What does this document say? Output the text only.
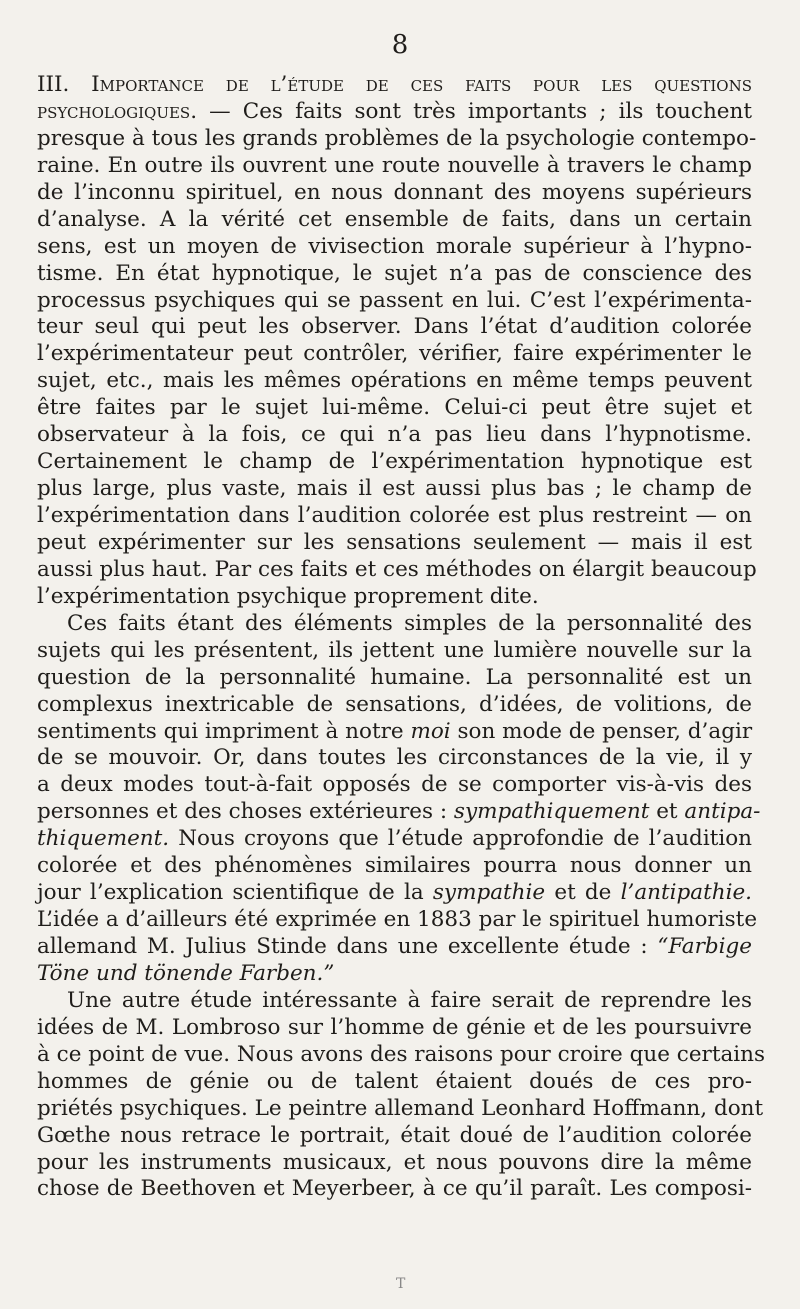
8
III. Importance de l’étude de ces faits pour les questions
psychologiques. — Ces faits sont très importants ; ils touchent
presque à tous les grands problèmes de la psychologie contempo-
raine. En outre ils ouvrent une route nouvelle à travers le champ
de l’inconnu spirituel, en nous donnant des moyens supérieurs
d’analyse. A la vérité cet ensemble de faits, dans un certain
sens, est un moyen de vivisection morale supérieur à l’hypno-
tisme. En état hypnotique, le sujet n’a pas de conscience des
processus psychiques qui se passent en lui. C’est l’expérimenta-
teur seul qui peut les observer. Dans l’état d’audition colorée
l’expérimentateur peut contrôler, vérifier, faire expérimenter le
sujet, etc., mais les mêmes opérations en même temps peuvent
être faites par le sujet lui-même. Celui-ci peut être sujet et
observateur à la fois, ce qui n’a pas lieu dans l’hypnotisme.
Certainement le champ de l’expérimentation hypnotique est
plus large, plus vaste, mais il est aussi plus bas ; le champ de
l’expérimentation dans l’audition colorée est plus restreint — on
peut expérimenter sur les sensations seulement — mais il est
aussi plus haut. Par ces faits et ces méthodes on élargit beaucoup
l’expérimentation psychique proprement dite.
Ces faits étant des éléments simples de la personnalité des
sujets qui les présentent, ils jettent une lumière nouvelle sur la
question de la personnalité humaine. La personnalité est un
complexus inextricable de sensations, d’idées, de volitions, de
sentiments qui impriment à notre moi son mode de penser, d’agir
de se mouvoir. Or, dans toutes les circonstances de la vie, il y
a deux modes tout-à-fait opposés de se comporter vis-à-vis des
personnes et des choses extérieures : sympathiquement et antipa-
thiquement. Nous croyons que l’étude approfondie de l’audition
colorée et des phénomènes similaires pourra nous donner un
jour l’explication scientifique de la sympathie et de l’antipathie.
L’idée a d’ailleurs été exprimée en 1883 par le spirituel humoriste
allemand M. Julius Stinde dans une excellente étude : “Farbige
Töne und tönende Farben.”
Une autre étude intéressante à faire serait de reprendre les
idées de M. Lombroso sur l’homme de génie et de les poursuivre
à ce point de vue. Nous avons des raisons pour croire que certains
hommes de génie ou de talent étaient doués de ces pro-
priétés psychiques. Le peintre allemand Leonhard Hoffmann, dont
Gœthe nous retrace le portrait, était doué de l’audition colorée
pour les instruments musicaux, et nous pouvons dire la même
chose de Beethoven et Meyerbeer, à ce qu’il paraît. Les composi-
T
